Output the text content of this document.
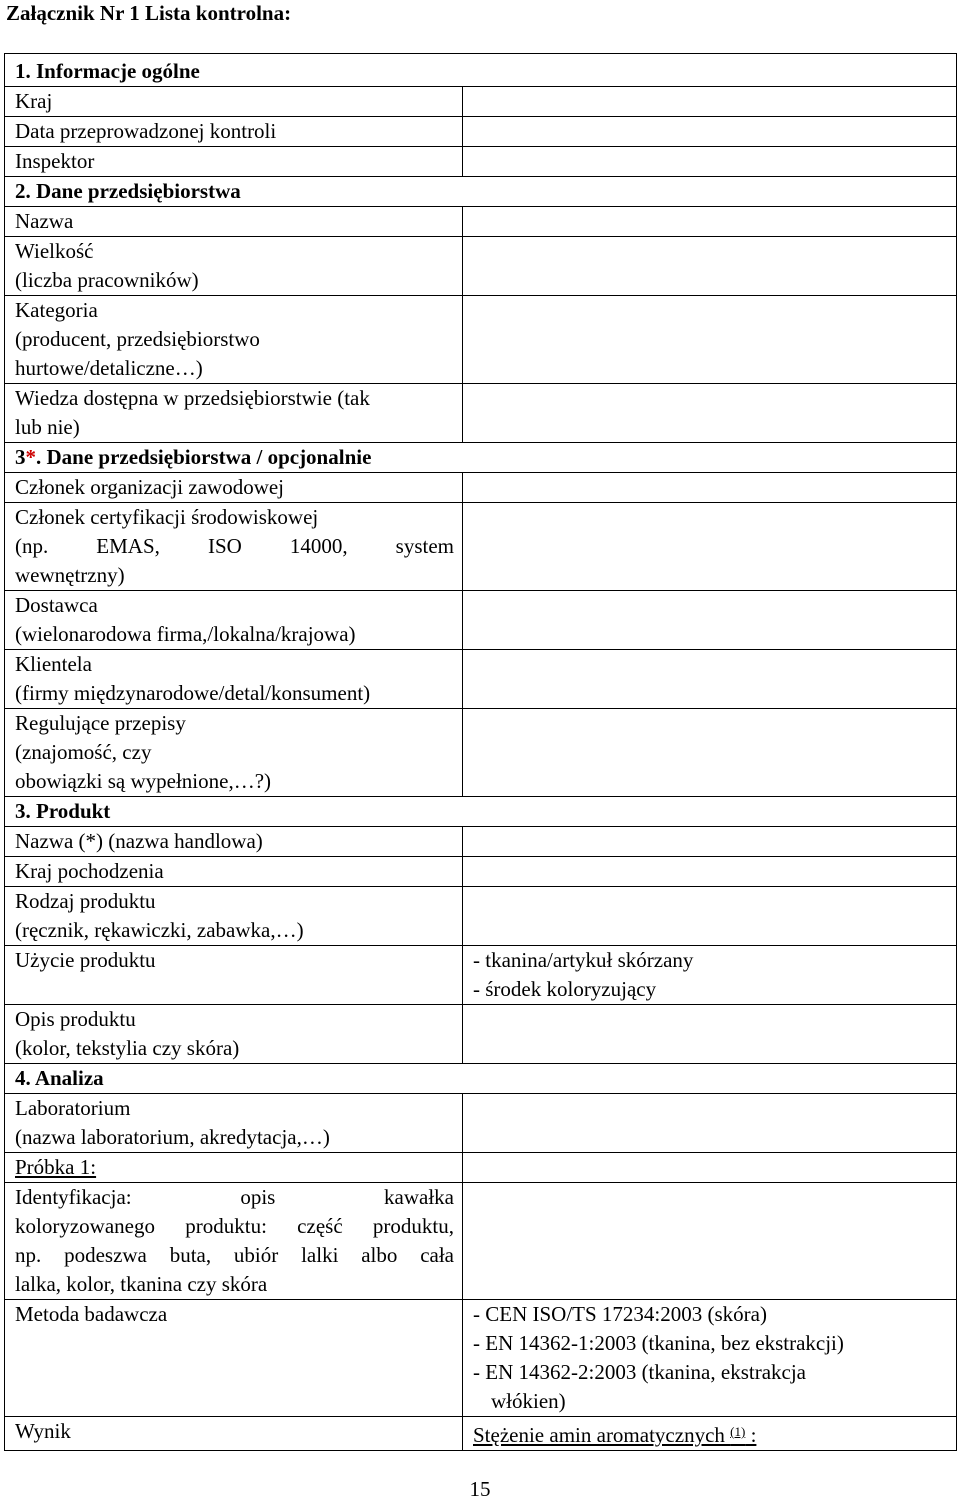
Załącznik Nr 1 Lista kontrolna:
1. Informacje ogólne	

Kraj	

Data przeprowadzonej kontroli	

Inspektor	

2. Dane przedsiębiorstwa	

Nazwa	

Wielkość
(liczba pracowników)	

Kategoria
(producent, przedsiębiorstwo
hurtowe/detaliczne…)	

Wiedza dostępna w przedsiębiorstwie (tak
lub nie)	

3*. Dane przedsiębiorstwa / opcjonalnie	

Członek organizacji zawodowej	

Członek certyfikacji środowiskowej
(np. EMAS, ISO 14000, system
wewnętrzny)	

Dostawca
(wielonarodowa firma,/lokalna/krajowa)	

Klientela
(firmy międzynarodowe/detal/konsument)	

Regulujące przepisy
(znajomość, czy
obowiązki są wypełnione,…?)	

3. Produkt	

Nazwa (*) (nazwa handlowa)	

Kraj pochodzenia	

Rodzaj produktu
(ręcznik, rękawiczki, zabawka,…)	

Użycie produktu	- tkanina/artykuł skórzany
- środek koloryzujący

Opis produktu
(kolor, tekstylia czy skóra)	

4. Analiza	

Laboratorium
(nazwa laboratorium, akredytacja,…)	

Próbka 1:	

Identyfikacja: opis kawałka
koloryzowanego produktu: część produktu,
np. podeszwa buta, ubiór lalki albo cała
lalka, kolor, tkanina czy skóra	

Metoda badawcza	- CEN ISO/TS 17234:2003 (skóra)
- EN 14362-1:2003 (tkanina, bez ekstrakcji)
- EN 14362-2:2003 (tkanina, ekstrakcja
włókien)

Wynik	Stężenie amin aromatycznych $^{(1)}$ :
15
